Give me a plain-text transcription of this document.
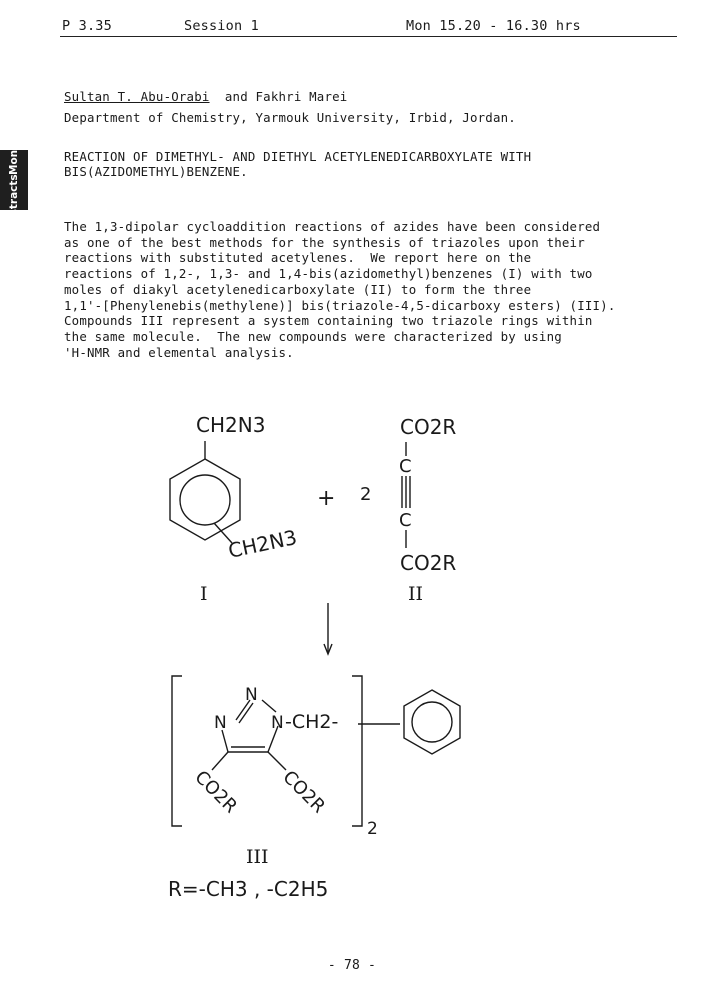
P 3.35	Session 1	Mon 15.20 - 16.30 hrs
Abstracts
Monday
Sultan T. Abu-Orabi and Fakhri Marei
Department of Chemistry, Yarmouk University, Irbid, Jordan.
REACTION OF DIMETHYL- AND DIETHYL ACETYLENEDICARBOXYLATE WITH
BIS(AZIDOMETHYL)BENZENE.
The 1,3-dipolar cycloaddition reactions of azides have been considered
as one of the best methods for the synthesis of triazoles upon their
reactions with substituted acetylenes.  We report here on the
reactions of 1,2-, 1,3- and 1,4-bis(azidomethyl)benzenes (I) with two
moles of diakyl acetylenedicarboxylate (II) to form the three
1,1'-[Phenylenebis(methylene)] bis(triazole-4,5-dicarboxy esters) (III).
Compounds III represent a system containing two triazole rings within
the same molecule.  The new compounds were characterized by using
'H-NMR and elemental analysis.
CH2N3
CH2N3
I
+ 2
CO2R
C
C
CO2R
II
N
N	N -CH2-
CO2R CO2R
2
III
R=-CH3 , -C2H5
- 78 -
